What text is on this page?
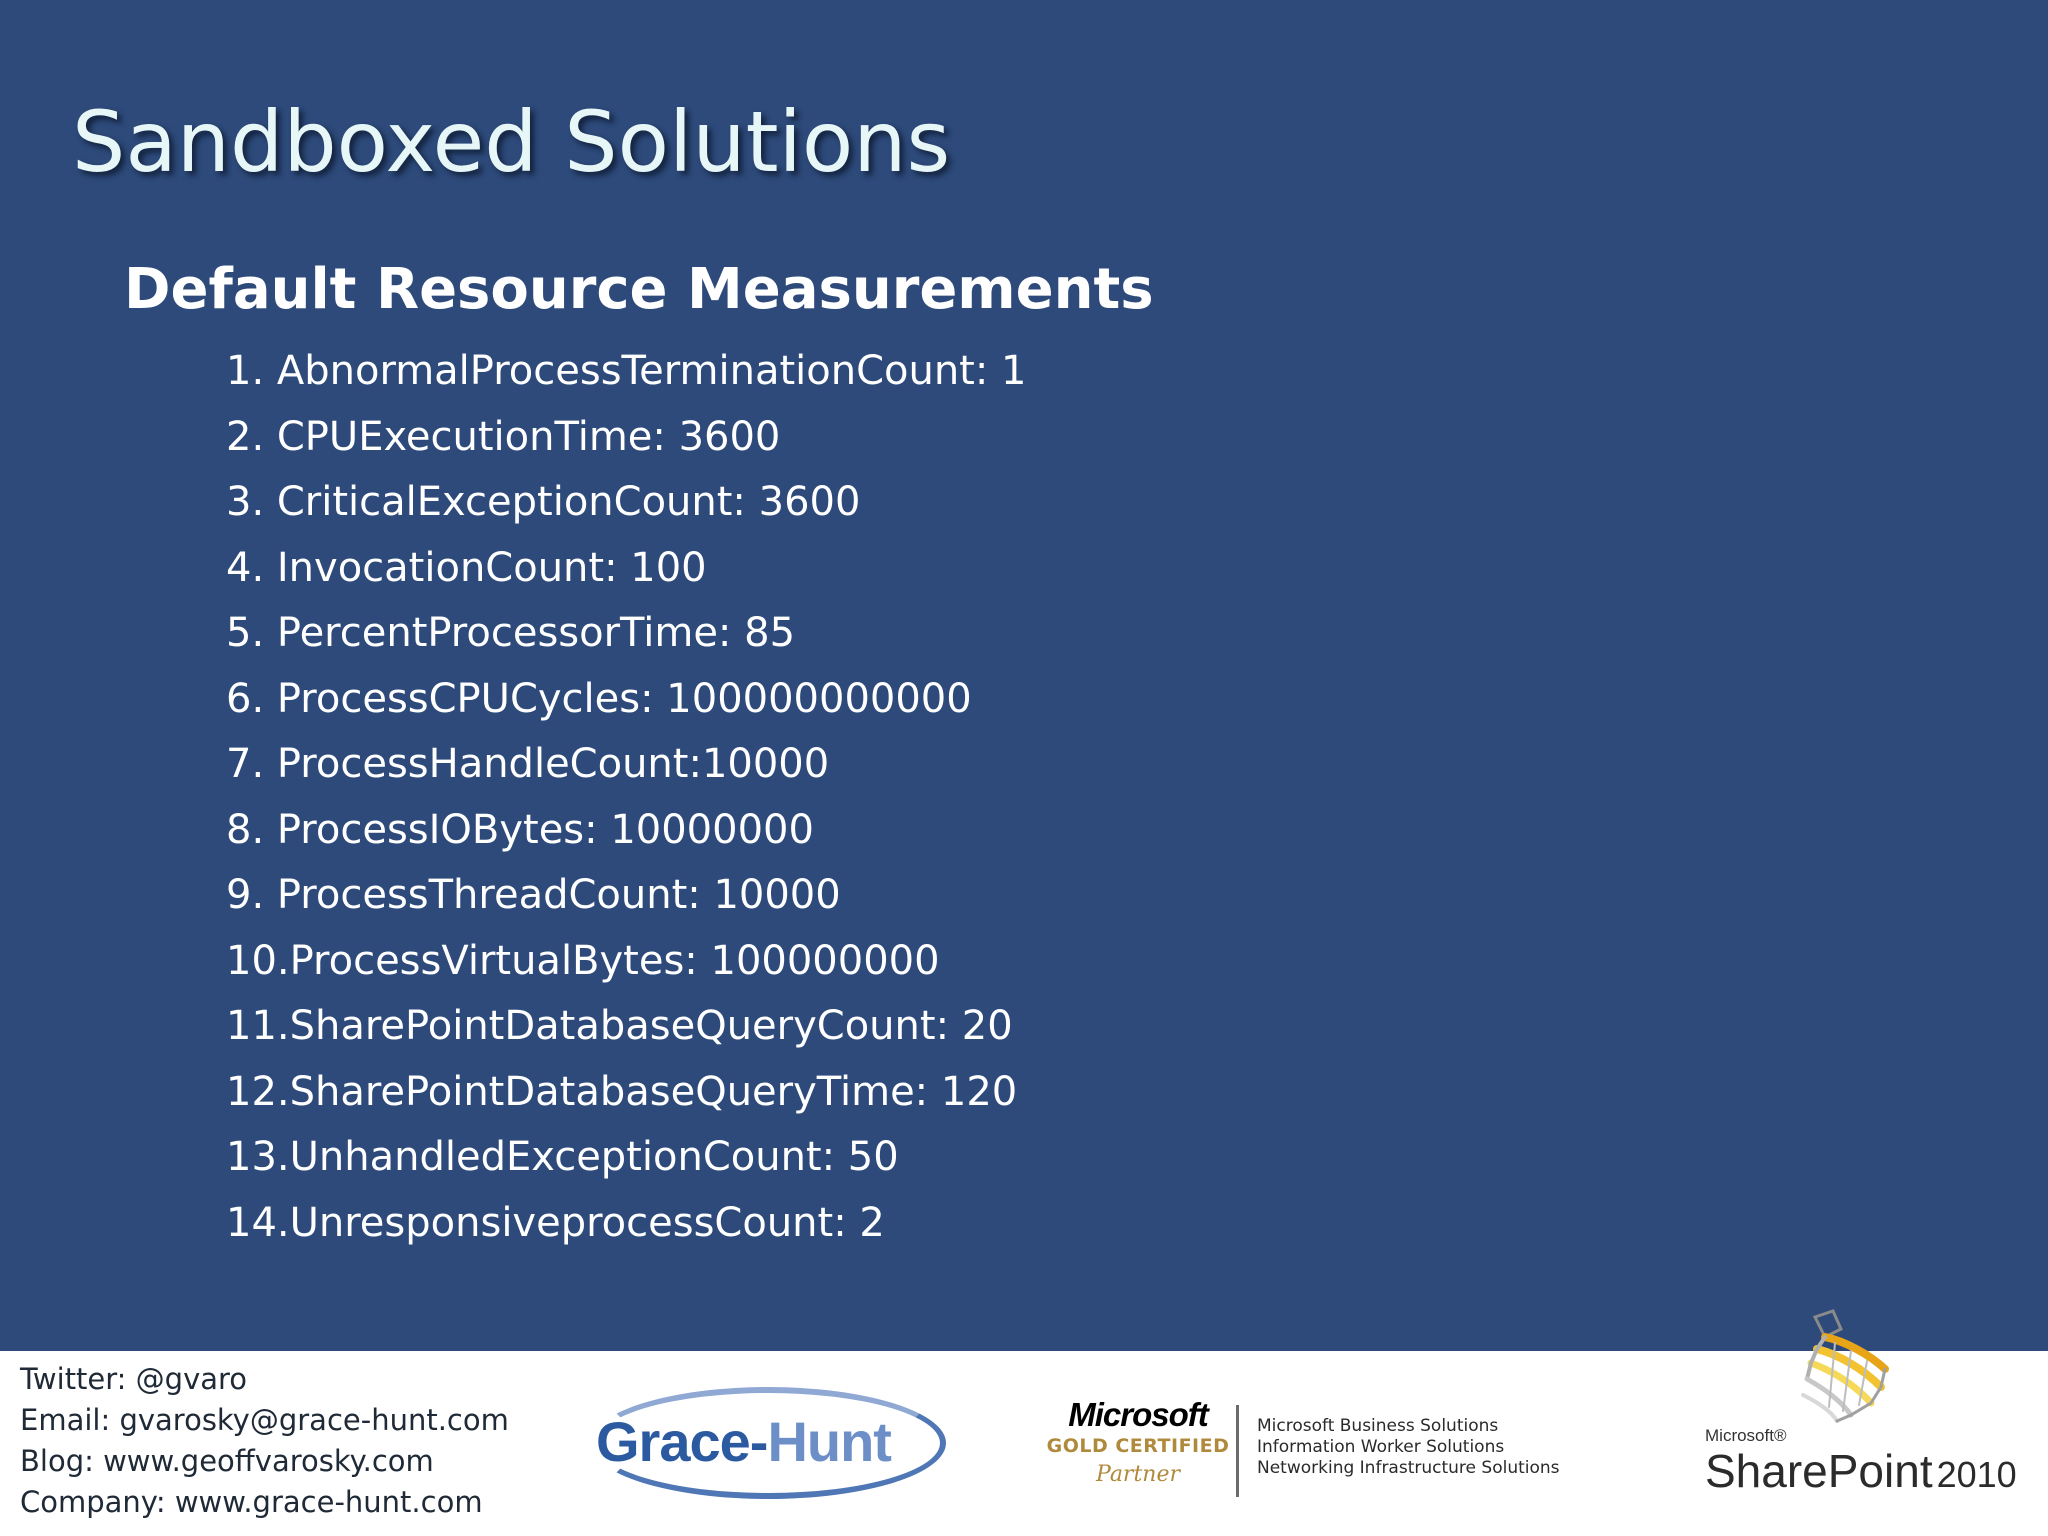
Sandboxed Solutions
Default Resource Measurements
1. AbnormalProcessTerminationCount: 1
2. CPUExecutionTime: 3600
3. CriticalExceptionCount: 3600
4. InvocationCount: 100
5. PercentProcessorTime: 85
6. ProcessCPUCycles: 100000000000
7. ProcessHandleCount:10000
8. ProcessIOBytes: 10000000
9. ProcessThreadCount: 10000
10.ProcessVirtualBytes: 100000000
11.SharePointDatabaseQueryCount: 20
12.SharePointDatabaseQueryTime: 120
13.UnhandledExceptionCount: 50
14.UnresponsiveprocessCount: 2
Twitter: @gvaro
Email: gvarosky@grace-hunt.com
Blog: www.geoffvarosky.com
Company: www.grace-hunt.com
Grace-Hunt	Microsoft
GOLD CERTIFIED
Partner
Microsoft Business Solutions
Information Worker Solutions
Networking Infrastructure Solutions
Microsoft®
SharePoint 2010
